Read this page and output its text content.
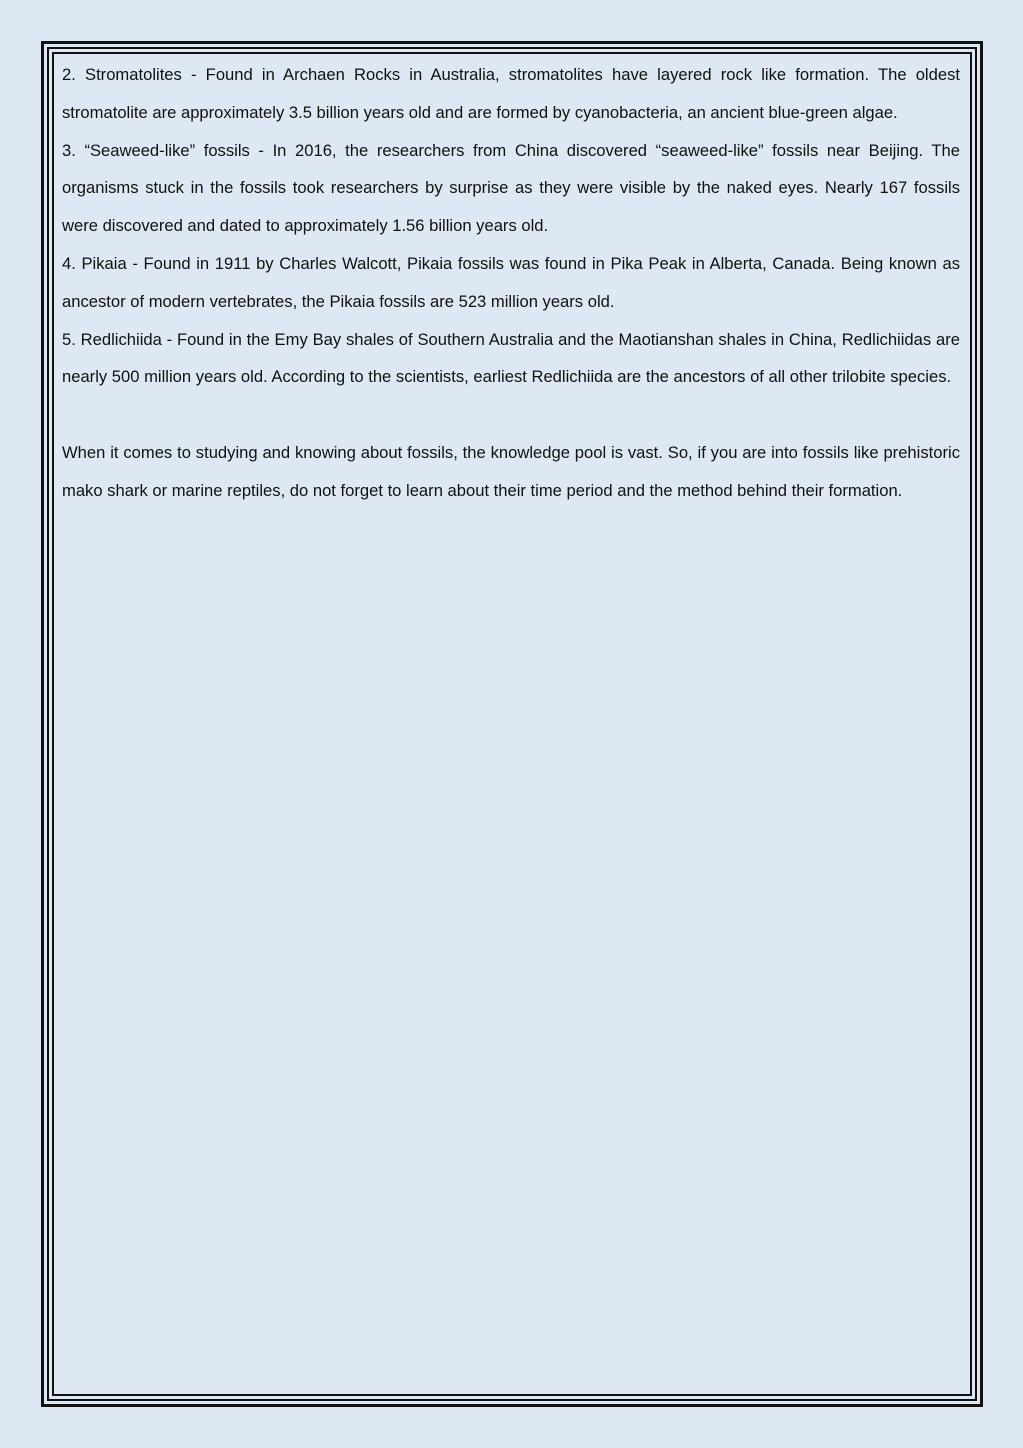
2. Stromatolites - Found in Archaen Rocks in Australia, stromatolites have layered rock like formation. The oldest stromatolite are approximately 3.5 billion years old and are formed by cyanobacteria, an ancient blue-green algae.

3. “Seaweed-like” fossils - In 2016, the researchers from China discovered “seaweed-like” fossils near Beijing. The organisms stuck in the fossils took researchers by surprise as they were visible by the naked eyes. Nearly 167 fossils were discovered and dated to approximately 1.56 billion years old.

4. Pikaia - Found in 1911 by Charles Walcott, Pikaia fossils was found in Pika Peak in Alberta, Canada. Being known as ancestor of modern vertebrates, the Pikaia fossils are 523 million years old.

5. Redlichiida - Found in the Emy Bay shales of Southern Australia and the Maotianshan shales in China, Redlichiidas are nearly 500 million years old. According to the scientists, earliest Redlichiida are the ancestors of all other trilobite species.

When it comes to studying and knowing about fossils, the knowledge pool is vast. So, if you are into fossils like prehistoric mako shark or marine reptiles, do not forget to learn about their time period and the method behind their formation.
